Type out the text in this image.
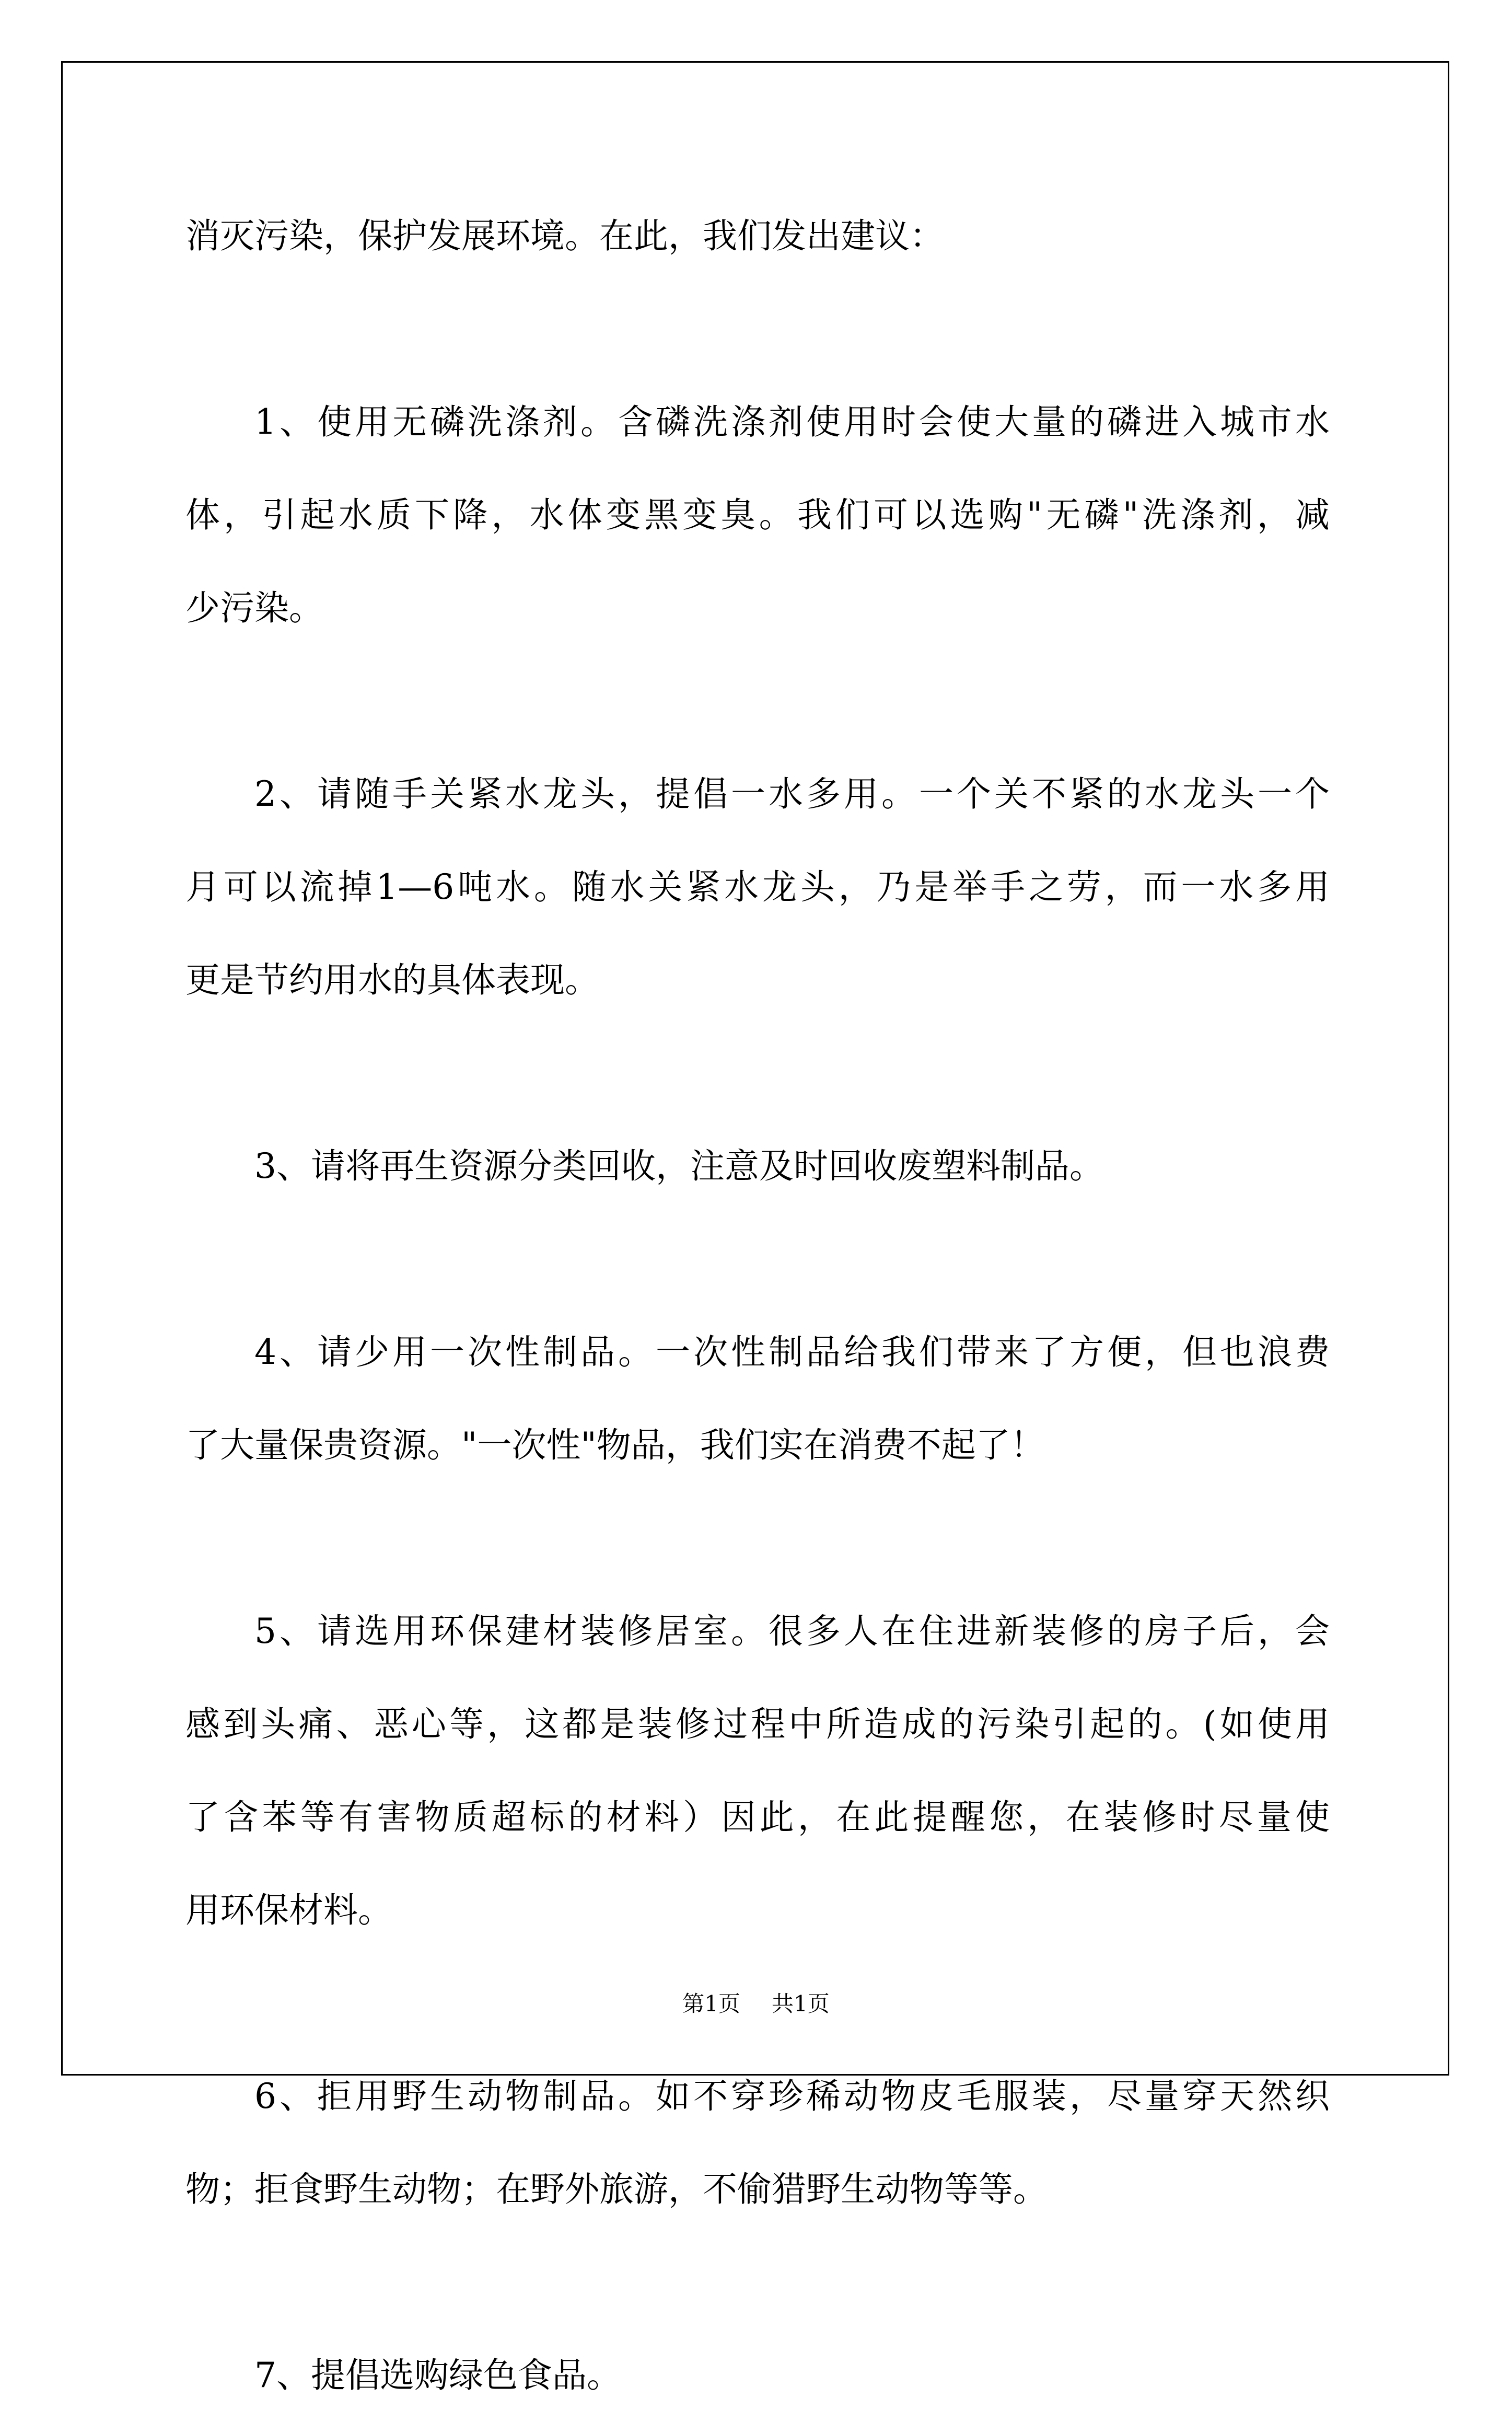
消灭污染，保护发展环境。在此，我们发出建议：
1、使用无磷洗涤剂。含磷洗涤剂使用时会使大量的磷进入城市水
体，引起水质下降，水体变黑变臭。我们可以选购"无磷"洗涤剂，减
少污染。
2、请随手关紧水龙头，提倡一水多用。一个关不紧的水龙头一个
月可以流掉1—6吨水。随水关紧水龙头，乃是举手之劳，而一水多用
更是节约用水的具体表现。
3、请将再生资源分类回收，注意及时回收废塑料制品。
4、请少用一次性制品。一次性制品给我们带来了方便，但也浪费
了大量保贵资源。"一次性"物品，我们实在消费不起了！
5、请选用环保建材装修居室。很多人在住进新装修的房子后，会
感到头痛、恶心等，这都是装修过程中所造成的污染引起的。(如使用
了含苯等有害物质超标的材料）因此，在此提醒您，在装修时尽量使
用环保材料。
6、拒用野生动物制品。如不穿珍稀动物皮毛服装，尽量穿天然织
物；拒食野生动物；在野外旅游，不偷猎野生动物等等。
7、提倡选购绿色食品。
第1页 共1页
